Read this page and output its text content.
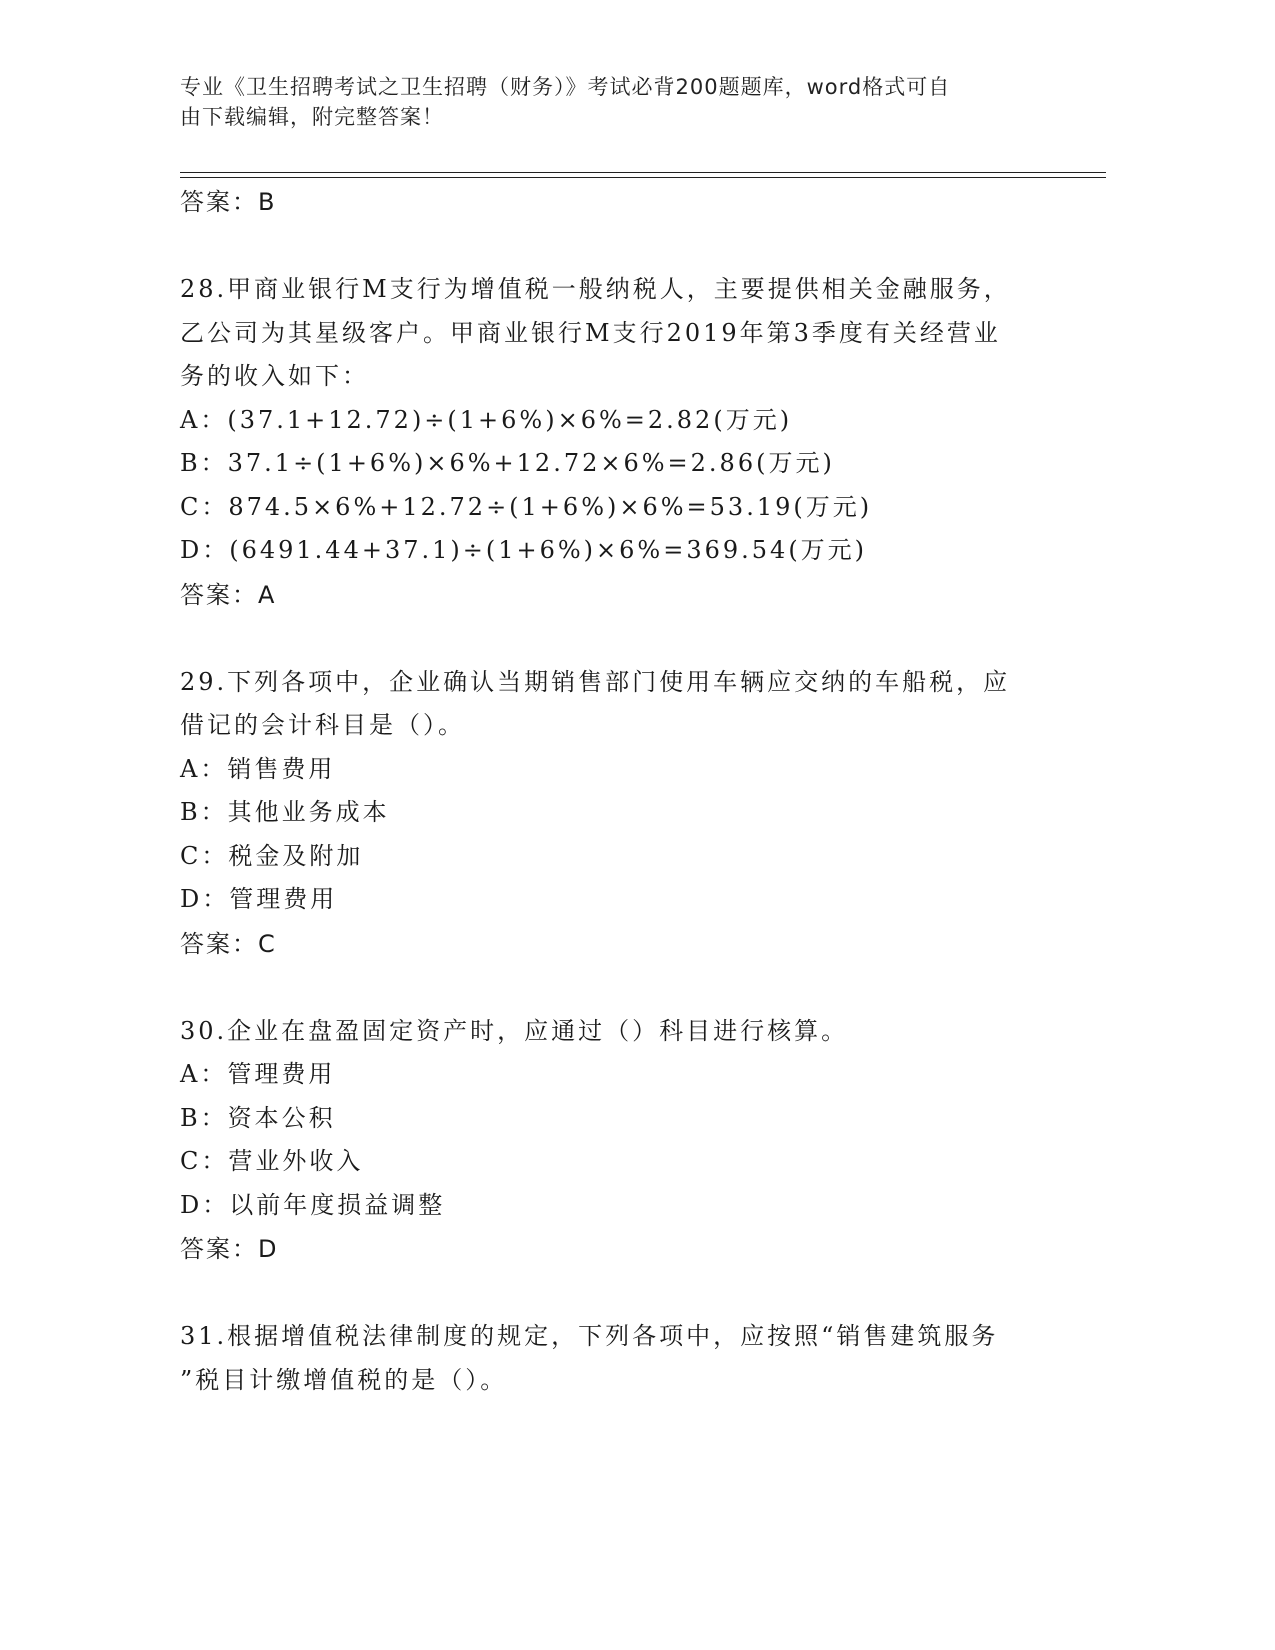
专业《卫生招聘考试之卫生招聘（财务）》考试必背200题题库，word格式可自
由下载编辑，附完整答案！
答案：B
28.甲商业银行M支行为增值税一般纳税人，主要提供相关金融服务，
乙公司为其星级客户。甲商业银行M支行2019年第3季度有关经营业
务的收入如下：
A：(37.1+12.72)÷(1+6%)×6%=2.82(万元)
B：37.1÷(1+6%)×6%+12.72×6%=2.86(万元)
C：874.5×6%+12.72÷(1+6%)×6%=53.19(万元)
D：(6491.44+37.1)÷(1+6%)×6%=369.54(万元)
答案：A
29.下列各项中，企业确认当期销售部门使用车辆应交纳的车船税，应
借记的会计科目是（）。
A：销售费用
B：其他业务成本
C：税金及附加
D：管理费用
答案：C
30.企业在盘盈固定资产时，应通过（）科目进行核算。
A：管理费用
B：资本公积
C：营业外收入
D：以前年度损益调整
答案：D
31.根据增值税法律制度的规定，下列各项中，应按照“销售建筑服务
”税目计缴增值税的是（）。
